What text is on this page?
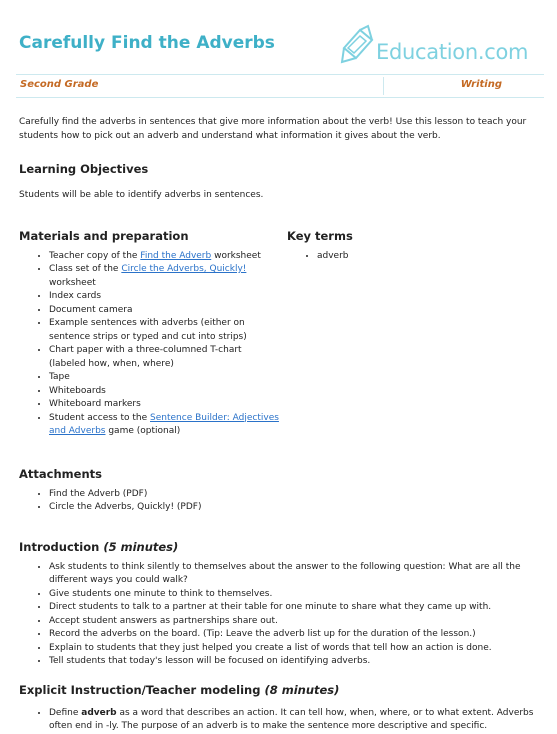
Carefully Find the Adverbs	Education.com
Second Grade	Writing

Carefully find the adverbs in sentences that give more information about the verb! Use this lesson to teach your students how to pick out an adverb and understand what information it gives about the verb.

Learning Objectives

Students will be able to identify adverbs in sentences.

Materials and preparation
• Teacher copy of the Find the Adverb worksheet
• Class set of the Circle the Adverbs, Quickly! worksheet
• Index cards
• Document camera
• Example sentences with adverbs (either on sentence strips or typed and cut into strips)
• Chart paper with a three-columned T-chart (labeled how, when, where)
• Tape
• Whiteboards
• Whiteboard markers
• Student access to the Sentence Builder: Adjectives and Adverbs game (optional)
Key terms
• adverb
Attachments
• Find the Adverb (PDF)
• Circle the Adverbs, Quickly! (PDF)
Introduction (5 minutes)
• Ask students to think silently to themselves about the answer to the following question: What are all the different ways you could walk?
• Give students one minute to think to themselves.
• Direct students to talk to a partner at their table for one minute to share what they came up with.
• Accept student answers as partnerships share out.
• Record the adverbs on the board. (Tip: Leave the adverb list up for the duration of the lesson.)
• Explain to students that they just helped you create a list of words that tell how an action is done.
• Tell students that today's lesson will be focused on identifying adverbs.
Explicit Instruction/Teacher modeling (8 minutes)
• Define adverb as a word that describes an action. It can tell how, when, where, or to what extent. Adverbs often end in -ly. The purpose of an adverb is to make the sentence more descriptive and specific.
